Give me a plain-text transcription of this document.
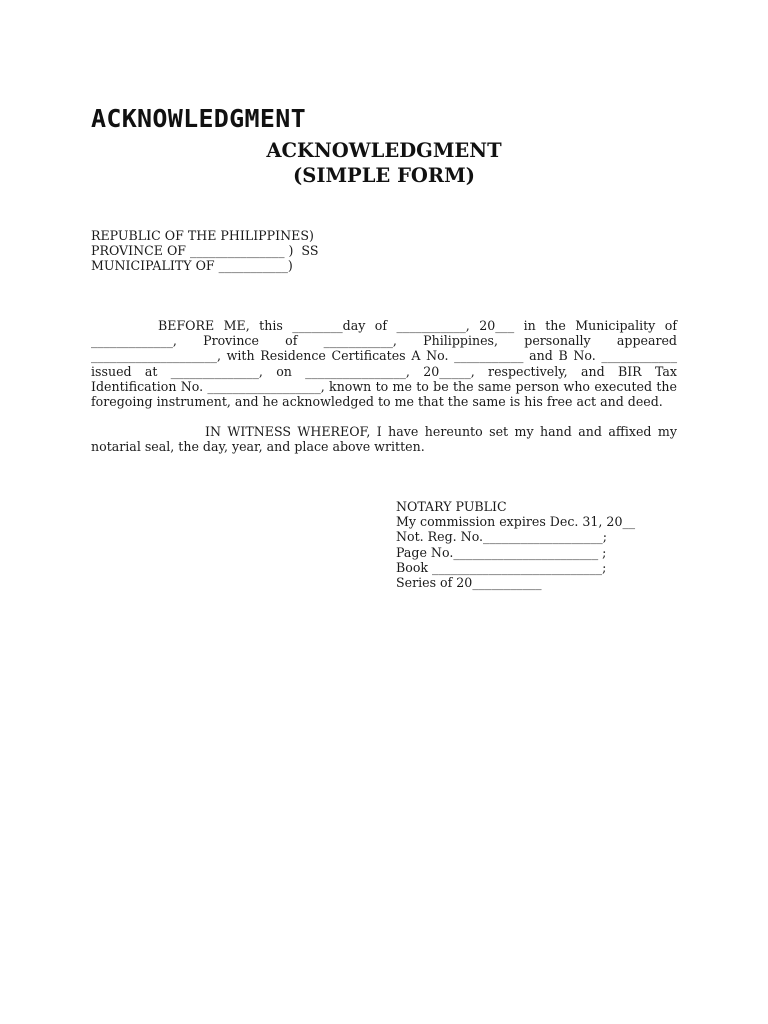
ACKNOWLEDGMENT
ACKNOWLEDGMENT
(SIMPLE FORM)
REPUBLIC OF THE PHILIPPINES)
PROVINCE OF _______________ )  SS
MUNICIPALITY OF ___________)

BEFORE ME, this ________day of ___________, 20___ in the Municipality of _____________, Province of ___________, Philippines, personally appeared ____________________, with Residence Certificates A No. ___________ and B No. ____________ issued at ______________, on ________________, 20_____, respectively, and BIR Tax Identification No. __________________, known to me to be the same person who executed the foregoing instrument, and he acknowledged to me that the same is his free act and deed.

IN WITNESS WHEREOF, I have hereunto set my hand and affixed my notarial seal, the day, year, and place above written.

NOTARY PUBLIC
My commission expires Dec. 31, 20__
Not. Reg. No.___________________;
Page No._______________________ ;
Book ___________________________;
Series of 20___________
